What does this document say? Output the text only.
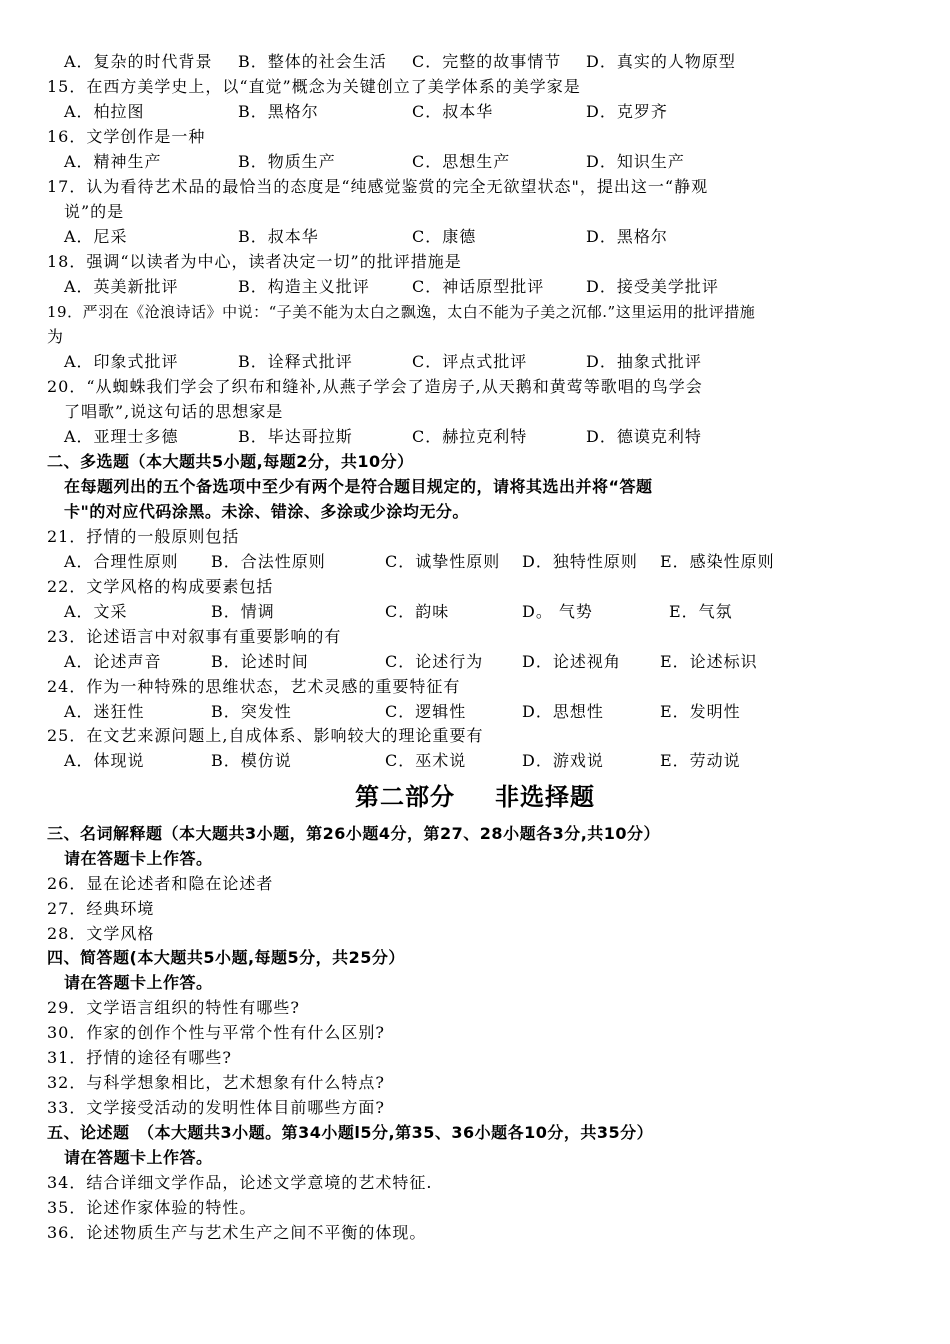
A．复杂的时代背景 B．整体的社会生活 C．完整的故事情节 D．真实的人物原型
15．在西方美学史上，以“直觉”概念为关键创立了美学体系的美学家是
A．柏拉图	B．黑格尔	C．叔本华	D．克罗齐
16．文学创作是一种
A．精神生产	B．物质生产	C．思想生产	D．知识生产
17．认为看待艺术品的最恰当的态度是“纯感觉鉴赏的完全无欲望状态"，提出这一“静观
说”的是
A．尼采	B．叔本华	C．康德	D．黑格尔
18．强调“以读者为中心，读者决定一切”的批评措施是
A．英美新批评	B．构造主义批评	C．神话原型批评	D．接受美学批评
19．严羽在《沧浪诗话》中说：“子美不能为太白之飘逸，太白不能为子美之沉郁.”这里运用的批评措施
为
A．印象式批评	B．诠释式批评	C．评点式批评	D．抽象式批评
20．“从蜘蛛我们学会了织布和缝补,从燕子学会了造房子,从天鹅和黄莺等歌唱的鸟学会
了唱歌”,说这句话的思想家是
A．亚理士多德	B．毕达哥拉斯	C．赫拉克利特	D．德谟克利特
二、多选题（本大题共5小题,每题2分，共10分）
在每题列出的五个备选项中至少有两个是符合题目规定的，请将其选出并将“答题
卡"的对应代码涂黑。未涂、错涂、多涂或少涂均无分。
21．抒情的一般原则包括
A．合理性原则 B．合法性原则	C．诚挚性原则 D．独特性原则 E．感染性原则
22．文学风格的构成要素包括
A．文采	B．情调	C．韵味	D。 气势	E．气氛
23．论述语言中对叙事有重要影响的有
A．论述声音	B．论述时间	C．论述行为 D．论述视角 E．论述标识
24．作为一种特殊的思维状态，艺术灵感的重要特征有
A．迷狂性	B．突发性	C．逻辑性	D．思想性	E．发明性
25．在文艺来源问题上,自成体系、影响较大的理论重要有
A．体现说	B．模仿说	C．巫术说	D．游戏说	E．劳动说
第二部分 非选择题
三、名词解释题（本大题共3小题，第26小题4分，第27、28小题各3分,共10分）
请在答题卡上作答。
26．显在论述者和隐在论述者
27．经典环境
28．文学风格
四、简答题(本大题共5小题,每题5分，共25分）
请在答题卡上作答。
29．文学语言组织的特性有哪些?
30．作家的创作个性与平常个性有什么区别?
31．抒情的途径有哪些?
32．与科学想象相比，艺术想象有什么特点?
33．文学接受活动的发明性体目前哪些方面?
五、论述题　（本大题共3小题。第34小题l5分,第35、36小题各10分，共35分）
请在答题卡上作答。
34．结合详细文学作品，论述文学意境的艺术特征.
35．论述作家体验的特性。
36．论述物质生产与艺术生产之间不平衡的体现。
